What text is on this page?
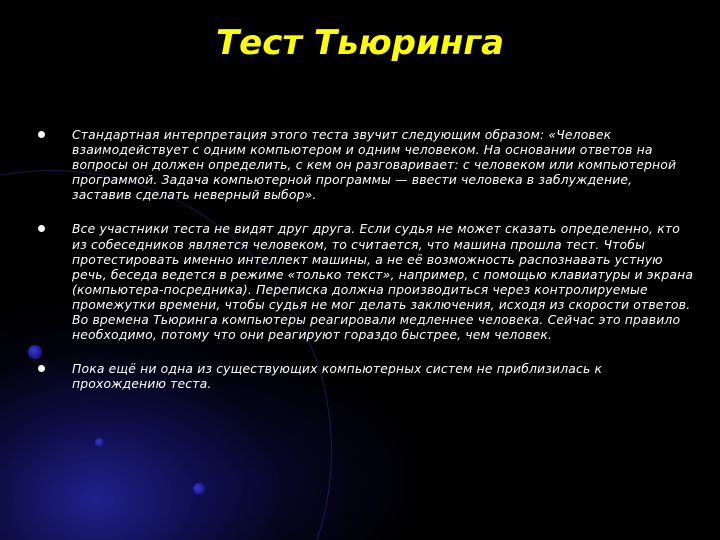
Тест Тьюринга
Стандартная интерпретация этого теста звучит следующим образом: «Человек взаимодействует с одним компьютером и одним человеком. На основании ответов на вопросы он должен определить, с кем он разговаривает: с человеком или компьютерной программой. Задача компьютерной программы — ввести человека в заблуждение, заставив сделать неверный выбор».
Все участники теста не видят друг друга. Если судья не может сказать определенно, кто из собеседников является человеком, то считается, что машина прошла тест. Чтобы протестировать именно интеллект машины, а не её возможность распознавать устную речь, беседа ведется в режиме «только текст», например, с помощью клавиатуры и экрана (компьютера-посредника). Переписка должна производиться через контролируемые промежутки времени, чтобы судья не мог делать заключения, исходя из скорости ответов. Во времена Тьюринга компьютеры реагировали медленнее человека. Сейчас это правило необходимо, потому что они реагируют гораздо быстрее, чем человек.
Пока ещё ни одна из существующих компьютерных систем не приблизилась к прохождению теста.
